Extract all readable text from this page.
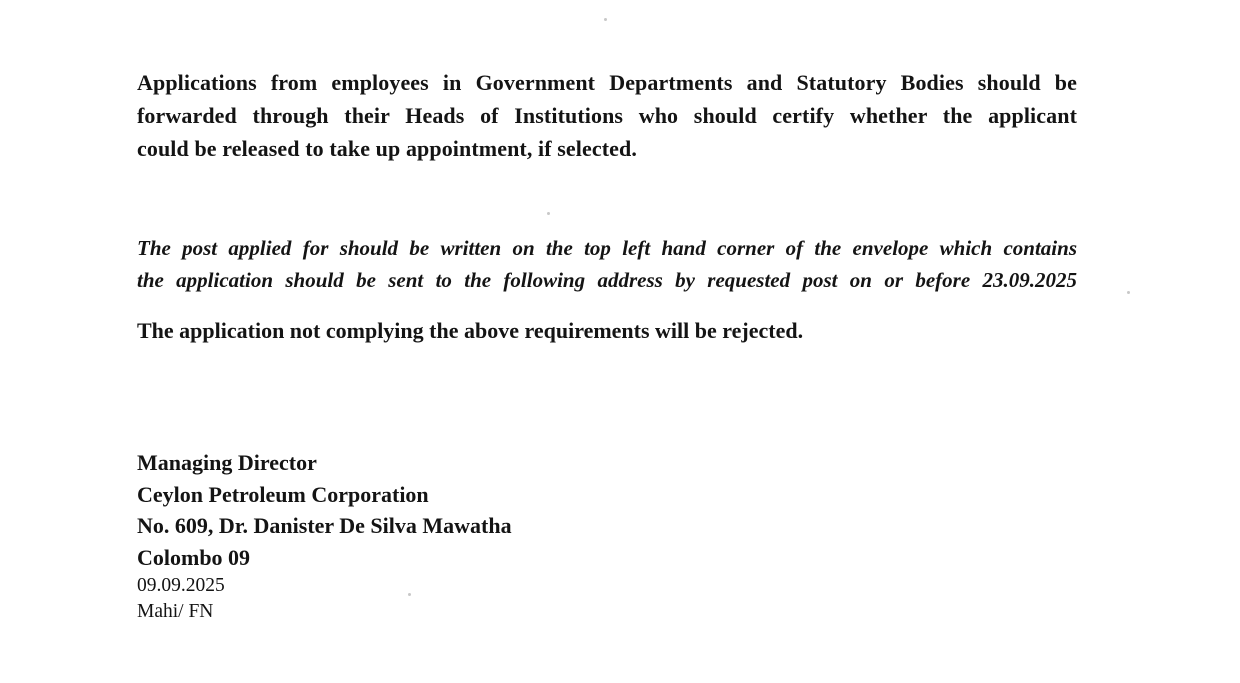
Applications from employees in Government Departments and Statutory Bodies should be
forwarded through their Heads of Institutions who should certify whether the applicant
could be released to take up appointment, if selected.

The post applied for should be written on the top left hand corner of the envelope which contains
the application should be sent to the following address by requested post on or before 23.09.2025

The application not complying the above requirements will be rejected.

Managing Director
Ceylon Petroleum Corporation
No. 609, Dr. Danister De Silva Mawatha
Colombo 09
09.09.2025
Mahi/ FN
